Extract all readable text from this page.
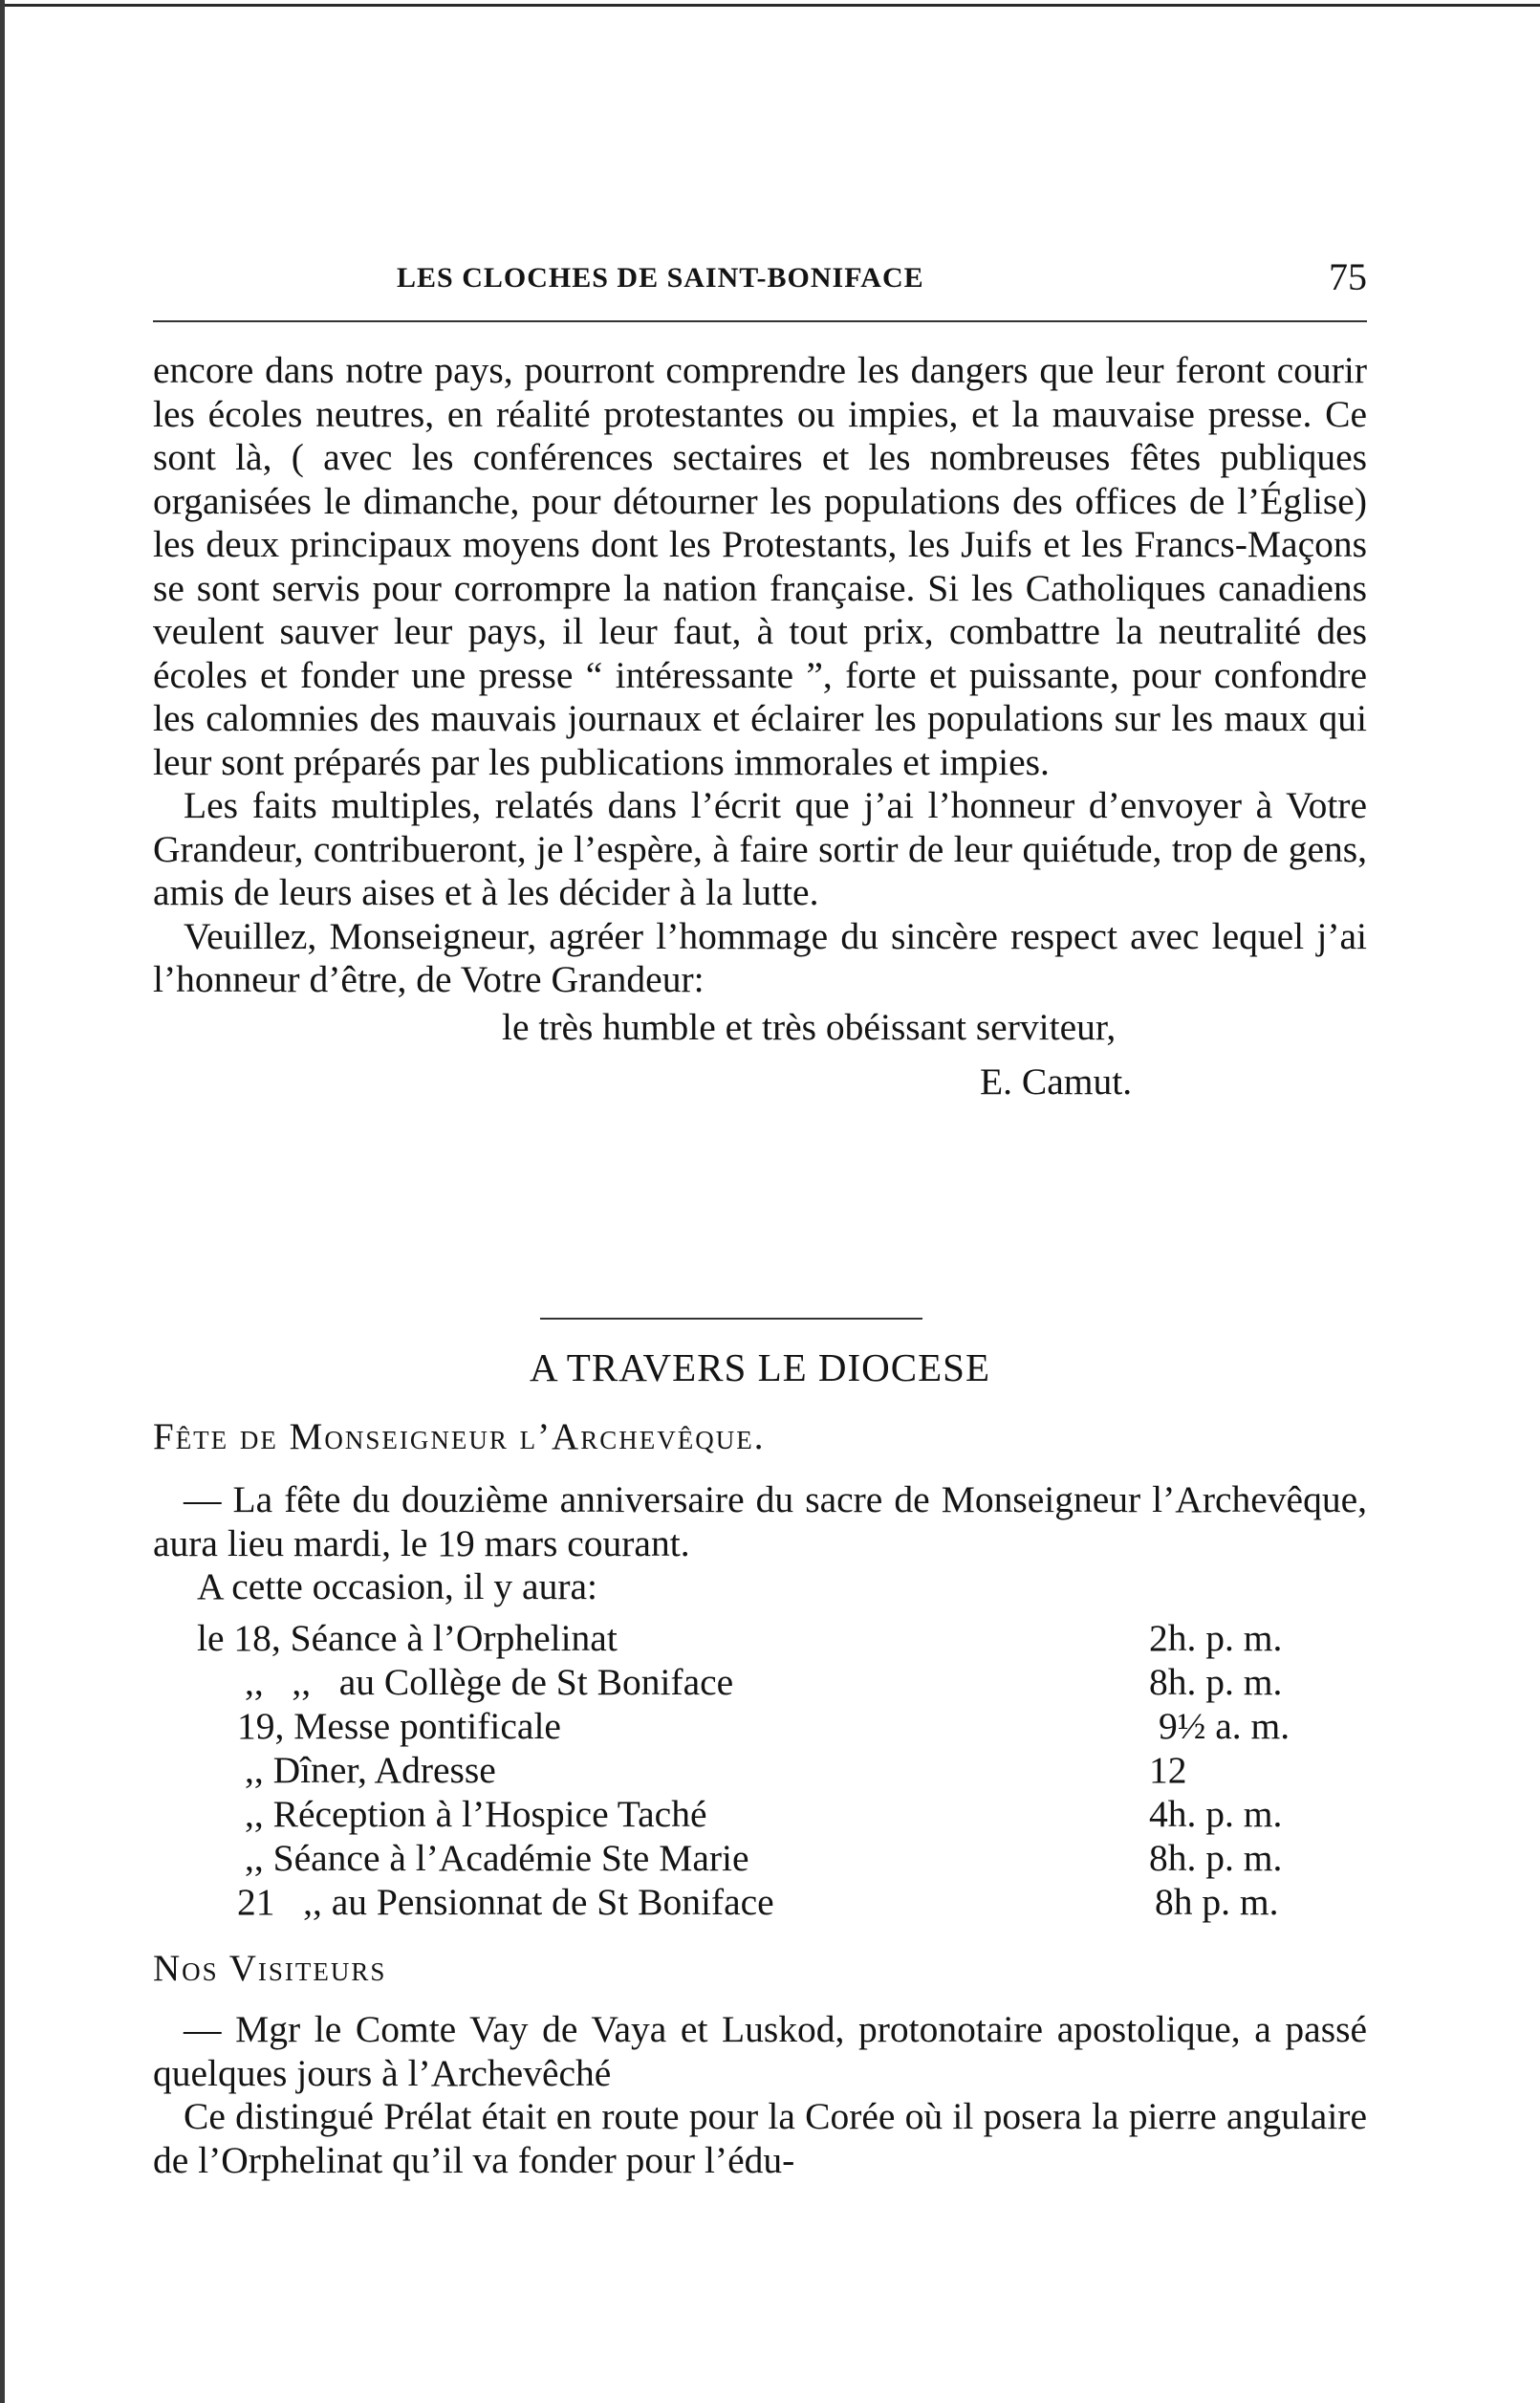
LES CLOCHES DE SAINT-BONIFACE	75

encore dans notre pays, pourront comprendre les dangers que leur feront courir les écoles neutres, en réalité protestantes ou impies, et la mauvaise presse. Ce sont là, ( avec les conférences sectaires et les nombreuses fêtes publiques organisées le dimanche, pour détourner les populations des offices de l’Église) les deux principaux moyens dont les Protestants, les Juifs et les Francs-Maçons se sont servis pour corrompre la nation française. Si les Catholiques canadiens veulent sauver leur pays, il leur faut, à tout prix, combattre la neutralité des écoles et fonder une presse “ intéressante ”, forte et puissante, pour confondre les calomnies des mauvais journaux et éclairer les populations sur les maux qui leur sont préparés par les publications immorales et impies.

Les faits multiples, relatés dans l’écrit que j’ai l’honneur d’envoyer à Votre Grandeur, contribueront, je l’espère, à faire sortir de leur quiétude, trop de gens, amis de leurs aises et à les décider à la lutte.

Veuillez, Monseigneur, agréer l’hommage du sincère respect avec lequel j’ai l’honneur d’être, de Votre Grandeur:

le très humble et très obéissant serviteur,

E. Camut.

A TRAVERS LE DIOCESE
Fête de Monseigneur l’Archevêque.

— La fête du douzième anniversaire du sacre de Monseigneur l’Archevêque, aura lieu mardi, le 19 mars courant.

A cette occasion, il y aura:

le 18, Séance à l’Orphelinat	2h. p. m.
,,   ,,   au Collège de St Boniface	8h. p. m.
19, Messe pontificale	9½ a. m.
,, Dîner, Adresse	12
,, Réception à l’Hospice Taché	4h. p. m.
,, Séance à l’Académie Ste Marie	8h. p. m.
21   ,, au Pensionnat de St Boniface	8h p. m.
Nos Visiteurs

— Mgr le Comte Vay de Vaya et Luskod, protonotaire apostolique, a passé quelques jours à l’Archevêché

Ce distingué Prélat était en route pour la Corée où il posera la pierre angulaire de l’Orphelinat qu’il va fonder pour l’édu-
